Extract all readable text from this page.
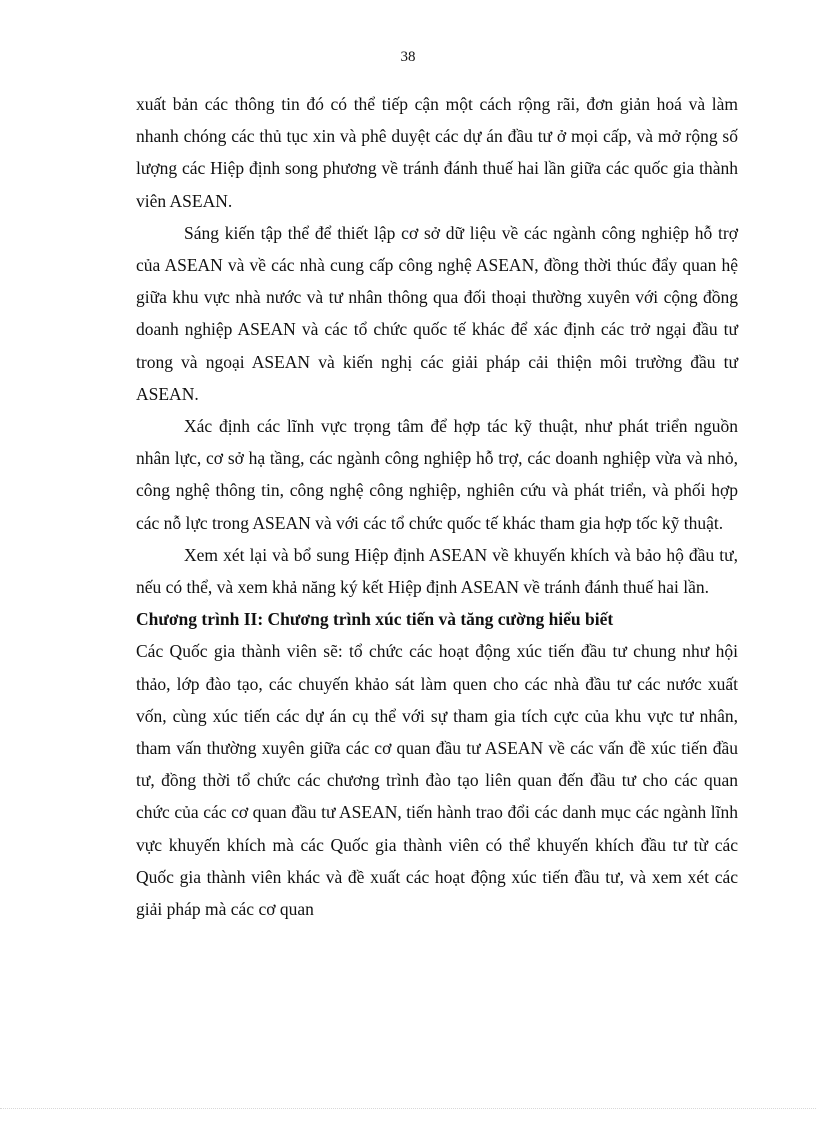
38

xuất bản các thông tin đó có thể tiếp cận một cách rộng rãi, đơn giản hoá và làm nhanh chóng các thủ tục xin và phê duyệt các dự án đầu tư ở mọi cấp, và mở rộng số lượng các Hiệp định song phương về tránh đánh thuế hai lần giữa các quốc gia thành viên ASEAN.

Sáng kiến tập thể để thiết lập cơ sở dữ liệu về các ngành công nghiệp hỗ trợ của ASEAN và về các nhà cung cấp công nghệ ASEAN, đồng thời thúc đẩy quan hệ giữa khu vực nhà nước và tư nhân thông qua đối thoại thường xuyên với cộng đồng doanh nghiệp ASEAN và các tổ chức quốc tế khác để xác định các trở ngại đầu tư trong và ngoại ASEAN và kiến nghị các giải pháp cải thiện môi trường đầu tư ASEAN.

Xác định các lĩnh vực trọng tâm để hợp tác kỹ thuật, như phát triển nguồn nhân lực, cơ sở hạ tầng, các ngành công nghiệp hỗ trợ, các doanh nghiệp vừa và nhỏ, công nghệ thông tin, công nghệ công nghiệp, nghiên cứu và phát triển, và phối hợp các nỗ lực trong ASEAN và với các tổ chức quốc tế khác tham gia hợp tốc kỹ thuật.

Xem xét lại và bổ sung Hiệp định ASEAN về khuyến khích và bảo hộ đầu tư, nếu có thể, và xem khả năng ký kết Hiệp định ASEAN về tránh đánh thuế hai lần.

Chương trình II: Chương trình xúc tiến và tăng cường hiểu biết

Các Quốc gia thành viên sẽ: tổ chức các hoạt động xúc tiến đầu tư chung như hội thảo, lớp đào tạo, các chuyến khảo sát làm quen cho các nhà đầu tư các nước xuất vốn, cùng xúc tiến các dự án cụ thể với sự tham gia tích cực của khu vực tư nhân, tham vấn thường xuyên giữa các cơ quan đầu tư ASEAN về các vấn đề xúc tiến đầu tư, đồng thời tổ chức các chương trình đào tạo liên quan đến đầu tư cho các quan chức của các cơ quan đầu tư ASEAN, tiến hành trao đổi các danh mục các ngành lĩnh vực khuyến khích mà các Quốc gia thành viên có thể khuyến khích đầu tư từ các Quốc gia thành viên khác và đề xuất các hoạt động xúc tiến đầu tư, và xem xét các giải pháp mà các cơ quan
